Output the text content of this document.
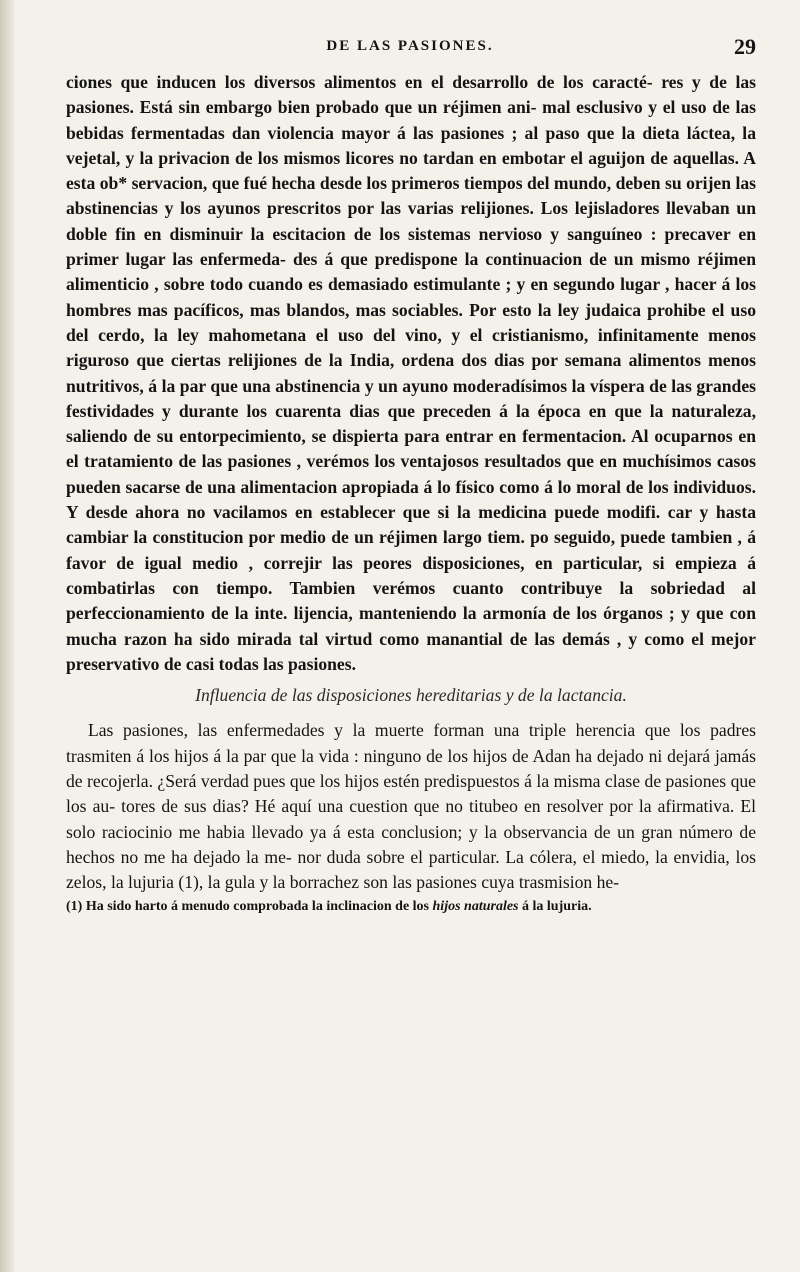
DE LAS PASIONES.	29

ciones que inducen los diversos alimentos en el desarrollo de los caracté- res y de las pasiones. Está sin embargo bien probado que un réjimen ani- mal esclusivo y el uso de las bebidas fermentadas dan violencia mayor á las pasiones ; al paso que la dieta láctea, la vejetal, y la privacion de los mismos licores no tardan en embotar el aguijon de aquellas. A esta ob* servacion, que fué hecha desde los primeros tiempos del mundo, deben su orijen las abstinencias y los ayunos prescritos por las varias relijiones. Los lejisladores llevaban un doble fin en disminuir la escitacion de los sistemas nervioso y sanguíneo : precaver en primer lugar las enfermeda- des á que predispone la continuacion de un mismo réjimen alimenticio , sobre todo cuando es demasiado estimulante ; y en segundo lugar , hacer á los hombres mas pacíficos, mas blandos, mas sociables. Por esto la ley judaica prohibe el uso del cerdo, la ley mahometana el uso del vino, y el cristianismo, infinitamente menos riguroso que ciertas relijiones de la India, ordena dos dias por semana alimentos menos nutritivos, á la par que una abstinencia y un ayuno moderadísimos la víspera de las grandes festividades y durante los cuarenta dias que preceden á la época en que la naturaleza, saliendo de su entorpecimiento, se dispierta para entrar en fermentacion. Al ocuparnos en el tratamiento de las pasiones , verémos los ventajosos resultados que en muchísimos casos pueden sacarse de una alimentacion apropiada á lo físico como á lo moral de los individuos. Y desde ahora no vacilamos en establecer que si la medicina puede modifi. car y hasta cambiar la constitucion por medio de un réjimen largo tiem. po seguido, puede tambien , á favor de igual medio , correjir las peores disposiciones, en particular, si empieza á combatirlas con tiempo. Tambien verémos cuanto contribuye la sobriedad al perfeccionamiento de la inte. lijencia, manteniendo la armonía de los órganos ; y que con mucha razon ha sido mirada tal virtud como manantial de las demás , y como el mejor preservativo de casi todas las pasiones.

Influencia de las disposiciones hereditarias y de la lactancia.

Las pasiones, las enfermedades y la muerte forman una triple herencia que los padres trasmiten á los hijos á la par que la vida : ninguno de los hijos de Adan ha dejado ni dejará jamás de recojerla. ¿Será verdad pues que los hijos estén predispuestos á la misma clase de pasiones que los au- tores de sus dias? Hé aquí una cuestion que no titubeo en resolver por la afirmativa. El solo raciocinio me habia llevado ya á esta conclusion; y la observancia de un gran número de hechos no me ha dejado la me- nor duda sobre el particular. La cólera, el miedo, la envidia, los zelos, la lujuria (1), la gula y la borrachez son las pasiones cuya trasmision he-

(1) Ha sido harto á menudo comprobada la inclinacion de los hijos naturales á la lujuria.
